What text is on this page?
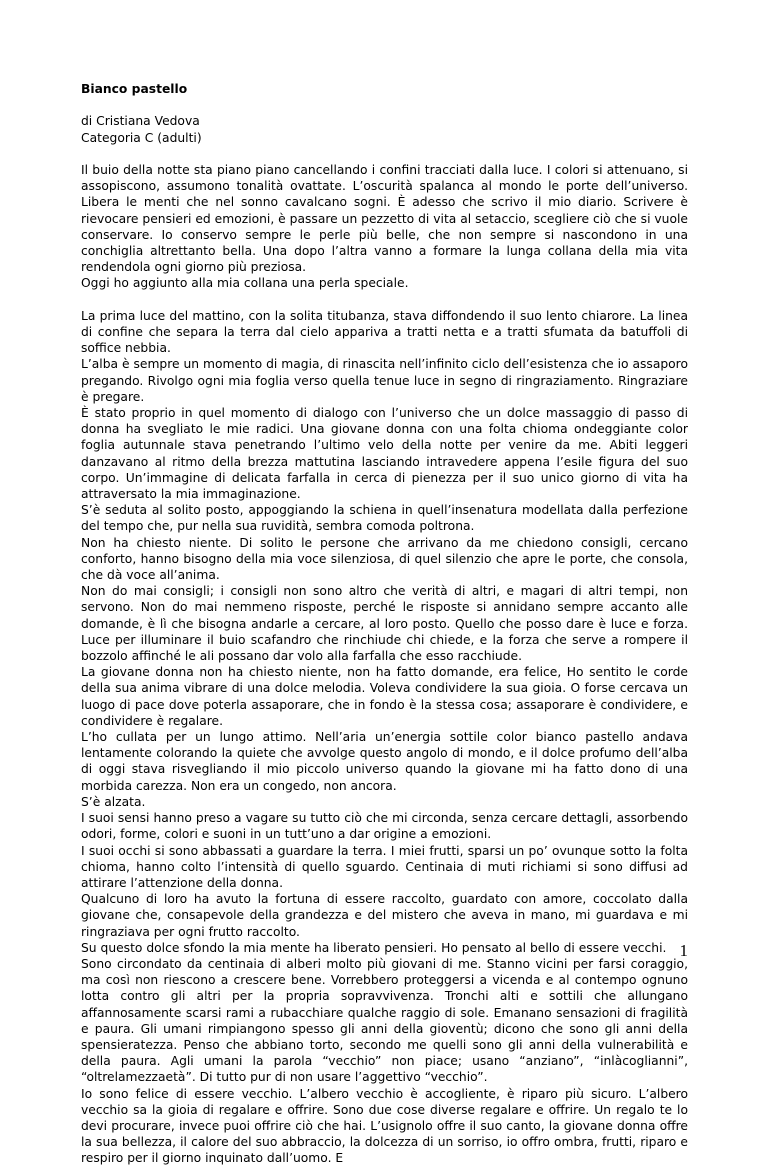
Bianco pastello

di Cristiana Vedova

Categoria C (adulti)

Il buio della notte sta piano piano cancellando i confini tracciati dalla luce. I colori si attenuano, si assopiscono, assumono tonalità ovattate. L’oscurità spalanca al mondo le porte dell’universo. Libera le menti che nel sonno cavalcano sogni. È adesso che scrivo il mio diario. Scrivere è rievocare pensieri ed emozioni, è passare un pezzetto di vita al setaccio, scegliere ciò che si vuole conservare. Io conservo sempre le perle più belle, che non sempre si nascondono in una conchiglia altrettanto bella. Una dopo l’altra vanno a formare la lunga collana della mia vita rendendola ogni giorno più preziosa.

Oggi ho aggiunto alla mia collana una perla speciale.

La prima luce del mattino, con la solita titubanza, stava diffondendo il suo lento chiarore. La linea di confine che separa la terra dal cielo appariva a tratti netta e a tratti sfumata da batuffoli di soffice nebbia.

L’alba è sempre un momento di magia, di rinascita nell’infinito ciclo dell’esistenza che io assaporo pregando. Rivolgo ogni mia foglia verso quella tenue luce in segno di ringraziamento. Ringraziare è pregare.

È stato proprio in quel momento di dialogo con l’universo che un dolce massaggio di passo di donna ha svegliato le mie radici. Una giovane donna con una folta chioma ondeggiante color foglia autunnale stava penetrando l’ultimo velo della notte per venire da me. Abiti leggeri danzavano al ritmo della brezza mattutina lasciando intravedere appena l’esile figura del suo corpo. Un’immagine di delicata farfalla in cerca di pienezza per il suo unico giorno di vita ha attraversato la mia immaginazione.

S’è seduta al solito posto, appoggiando la schiena in quell’insenatura modellata dalla perfezione del tempo che, pur nella sua ruvidità, sembra comoda poltrona.

Non ha chiesto niente. Di solito le persone che arrivano da me chiedono consigli, cercano conforto, hanno bisogno della mia voce silenziosa, di quel silenzio che apre le porte, che consola, che dà voce all’anima.

Non do mai consigli; i consigli non sono altro che verità di altri, e magari di altri tempi, non servono. Non do mai nemmeno risposte, perché le risposte si annidano sempre accanto alle domande, è lì che bisogna andarle a cercare, al loro posto. Quello che posso dare è luce e forza. Luce per illuminare il buio scafandro che rinchiude chi chiede, e la forza che serve a rompere il bozzolo affinché le ali possano dar volo alla farfalla che esso racchiude.

La giovane donna non ha chiesto niente, non ha fatto domande, era felice, Ho sentito le corde della sua anima vibrare di una dolce melodia. Voleva condividere la sua gioia. O forse cercava un luogo di pace dove poterla assaporare, che in fondo è la stessa cosa; assaporare è condividere, e condividere è regalare.

L’ho cullata per un lungo attimo. Nell’aria un’energia sottile color bianco pastello andava lentamente colorando la quiete che avvolge questo angolo di mondo, e il dolce profumo dell’alba di oggi stava risvegliando il mio piccolo universo quando la giovane mi ha fatto dono di una morbida carezza. Non era un congedo, non ancora.

S’è alzata.

I suoi sensi hanno preso a vagare su tutto ciò che mi circonda, senza cercare dettagli, assorbendo odori, forme, colori e suoni in un tutt’uno a dar origine a emozioni.

I suoi occhi si sono abbassati a guardare la terra. I miei frutti, sparsi un po’ ovunque sotto la folta chioma, hanno colto l’intensità di quello sguardo. Centinaia di muti richiami si sono diffusi ad attirare l’attenzione della donna.

Qualcuno di loro ha avuto la fortuna di essere raccolto, guardato con amore, coccolato dalla giovane che, consapevole della grandezza e del mistero che aveva in mano, mi guardava e mi ringraziava per ogni frutto raccolto.

Su questo dolce sfondo la mia mente ha liberato pensieri. Ho pensato al bello di essere vecchi.

Sono circondato da centinaia di alberi molto più giovani di me. Stanno vicini per farsi coraggio, ma così non riescono a crescere bene. Vorrebbero proteggersi a vicenda e al contempo ognuno lotta contro gli altri per la propria sopravvivenza. Tronchi alti e sottili che allungano affannosamente scarsi rami a rubacchiare qualche raggio di sole. Emanano sensazioni di fragilità e paura. Gli umani rimpiangono spesso gli anni della gioventù; dicono che sono gli anni della spensieratezza. Penso che abbiano torto, secondo me quelli sono gli anni della vulnerabilità e della paura. Agli umani la parola “vecchio” non piace; usano “anziano”, “inlàcoglianni”, “oltrelamezzaetà”. Di tutto pur di non usare l’aggettivo “vecchio”.

Io sono felice di essere vecchio. L’albero vecchio è accogliente, è riparo più sicuro. L’albero vecchio sa la gioia di regalare e offrire. Sono due cose diverse regalare e offrire. Un regalo te lo devi procurare, invece puoi offrire ciò che hai. L’usignolo offre il suo canto, la giovane donna offre la sua bellezza, il calore del suo abbraccio, la dolcezza di un sorriso, io offro ombra, frutti, riparo e respiro per il giorno inquinato dall’uomo. E

1
